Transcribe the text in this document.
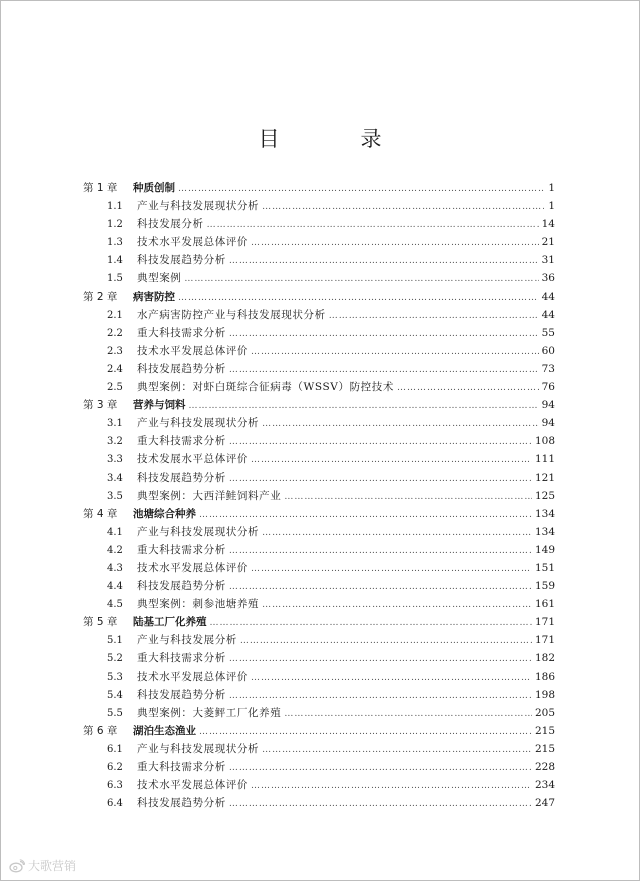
目　录
第 1 章	种质创制 …………………………………………………………………………………………………………………………………………………………………………	1
1.1	产业与科技发展现状分析 …………………………………………………………………………………………………………………………………………………………………………	1
1.2	科技发展分析 …………………………………………………………………………………………………………………………………………………………………………	14
1.3	技术水平发展总体评价 …………………………………………………………………………………………………………………………………………………………………………	21
1.4	科技发展趋势分析 …………………………………………………………………………………………………………………………………………………………………………	31
1.5	典型案例 …………………………………………………………………………………………………………………………………………………………………………	36
第 2 章	病害防控 …………………………………………………………………………………………………………………………………………………………………………	44
2.1	水产病害防控产业与科技发展现状分析 …………………………………………………………………………………………………………………………………………………………………………	44
2.2	重大科技需求分析 …………………………………………………………………………………………………………………………………………………………………………	55
2.3	技术水平发展总体评价 …………………………………………………………………………………………………………………………………………………………………………	60
2.4	科技发展趋势分析 …………………………………………………………………………………………………………………………………………………………………………	73
2.5	典型案例：对虾白斑综合征病毒（WSSV）防控技术 …………………………………………………………………………………………………………………………………………………………………………	76
第 3 章	营养与饲料 …………………………………………………………………………………………………………………………………………………………………………	94
3.1	产业与科技发展现状分析 …………………………………………………………………………………………………………………………………………………………………………	94
3.2	重大科技需求分析 …………………………………………………………………………………………………………………………………………………………………………	108
3.3	技术发展水平总体评价 …………………………………………………………………………………………………………………………………………………………………………	111
3.4	科技发展趋势分析 …………………………………………………………………………………………………………………………………………………………………………	121
3.5	典型案例：大西洋鲑饲料产业 …………………………………………………………………………………………………………………………………………………………………………	125
第 4 章	池塘综合种养 …………………………………………………………………………………………………………………………………………………………………………	134
4.1	产业与科技发展现状分析 …………………………………………………………………………………………………………………………………………………………………………	134
4.2	重大科技需求分析 …………………………………………………………………………………………………………………………………………………………………………	149
4.3	技术水平发展总体评价 …………………………………………………………………………………………………………………………………………………………………………	151
4.4	科技发展趋势分析 …………………………………………………………………………………………………………………………………………………………………………	159
4.5	典型案例：刺参池塘养殖 …………………………………………………………………………………………………………………………………………………………………………	161
第 5 章	陆基工厂化养殖 …………………………………………………………………………………………………………………………………………………………………………	171
5.1	产业与科技发展分析 …………………………………………………………………………………………………………………………………………………………………………	171
5.2	重大科技需求分析 …………………………………………………………………………………………………………………………………………………………………………	182
5.3	技术水平发展总体评价 …………………………………………………………………………………………………………………………………………………………………………	186
5.4	科技发展趋势分析 …………………………………………………………………………………………………………………………………………………………………………	198
5.5	典型案例：大菱鲆工厂化养殖 …………………………………………………………………………………………………………………………………………………………………………	205
第 6 章	湖泊生态渔业 …………………………………………………………………………………………………………………………………………………………………………	215
6.1	产业与科技发展现状分析 …………………………………………………………………………………………………………………………………………………………………………	215
6.2	重大科技需求分析 …………………………………………………………………………………………………………………………………………………………………………	228
6.3	技术水平发展总体评价 …………………………………………………………………………………………………………………………………………………………………………	234
6.4	科技发展趋势分析 …………………………………………………………………………………………………………………………………………………………………………	247
大歌营销
